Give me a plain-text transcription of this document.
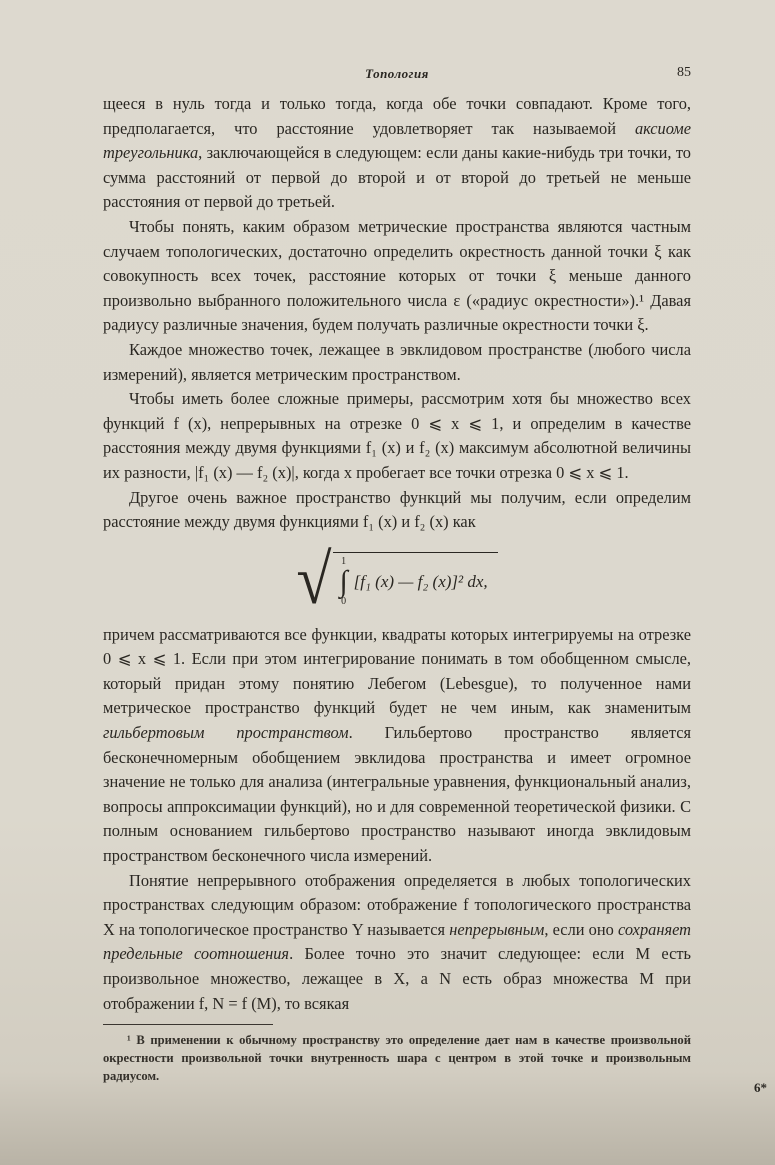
Топология	85

щееся в нуль тогда и только тогда, когда обе точки совпадают. Кроме того, предполагается, что расстояние удовлетворяет так называемой аксиоме треугольника, заключающейся в следующем: если даны какие-нибудь три точки, то сумма расстояний от первой до второй и от второй до третьей не меньше расстояния от первой до третьей.

Чтобы понять, каким образом метрические пространства являются частным случаем топологических, достаточно определить окрестность данной точки ξ как совокупность всех точек, расстояние которых от точки ξ меньше данного произвольно выбранного положительного числа ε («радиус окрестности»).¹ Давая радиусу различные значения, будем получать различные окрестности точки ξ.

Каждое множество точек, лежащее в эвклидовом пространстве (любого числа измерений), является метрическим пространством.

Чтобы иметь более сложные примеры, рассмотрим хотя бы множество всех функций f (x), непрерывных на отрезке 0 ⩽ x ⩽ 1, и определим в качестве расстояния между двумя функциями f₁ (x) и f₂ (x) максимум абсолютной величины их разности, |f₁ (x) — f₂ (x)|, когда x пробегает все точки отрезка 0 ⩽ x ⩽ 1.

Другое очень важное пространство функций мы получим, если определим расстояние между двумя функциями f₁ (x) и f₂ (x) как

√ 1
∫
0
[f₁ (x) — f₂ (x)]² dx,

причем рассматриваются все функции, квадраты которых интегрируемы на отрезке 0 ⩽ x ⩽ 1. Если при этом интегрирование понимать в том обобщенном смысле, который придан этому понятию Лебегом (Lebesgue), то полученное нами метрическое пространство функций будет не чем иным, как знаменитым гильбертовым пространством. Гильбертово пространство является бесконечномерным обобщением эвклидова пространства и имеет огромное значение не только для анализа (интегральные уравнения, функциональный анализ, вопросы аппроксимации функций), но и для современной теоретической физики. С полным основанием гильбертово пространство называют иногда эвклидовым пространством бесконечного числа измерений.

Понятие непрерывного отображения определяется в любых топологических пространствах следующим образом: отображение f топологического пространства X на топологическое пространство Y называется непрерывным, если оно сохраняет предельные соотношения. Более точно это значит следующее: если M есть произвольное множество, лежащее в X, а N есть образ множества M при отображении f, N = f (M), то всякая

¹ В применении к обычному пространству это определение дает нам в качестве произвольной окрестности произвольной точки внутренность шара с центром в этой точке и произвольным радиусом.

6*
